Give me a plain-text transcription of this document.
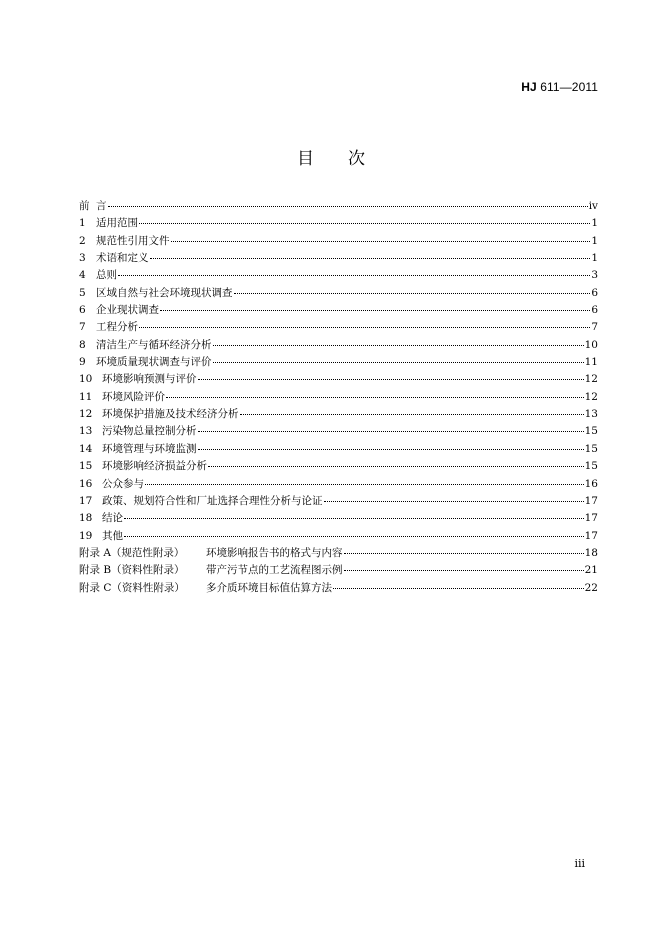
HJ 611—2011
目次
前 言	iv
1 适用范围	1
2 规范性引用文件	1
3 术语和定义	1
4 总则	3
5 区域自然与社会环境现状调查	6
6 企业现状调查	6
7 工程分析	7
8 清洁生产与循环经济分析	10
9 环境质量现状调查与评价	11
10 环境影响预测与评价	12
11 环境风险评价	12
12 环境保护措施及技术经济分析	13
13 污染物总量控制分析	15
14 环境管理与环境监测	15
15 环境影响经济损益分析	15
16 公众参与	16
17 政策、规划符合性和厂址选择合理性分析与论证	17
18 结论	17
19 其他	17
附录 A（规范性附录）	环境影响报告书的格式与内容	18
附录 B（资料性附录）	带产污节点的工艺流程图示例	21
附录 C（资料性附录）	多介质环境目标值估算方法	22
iii
